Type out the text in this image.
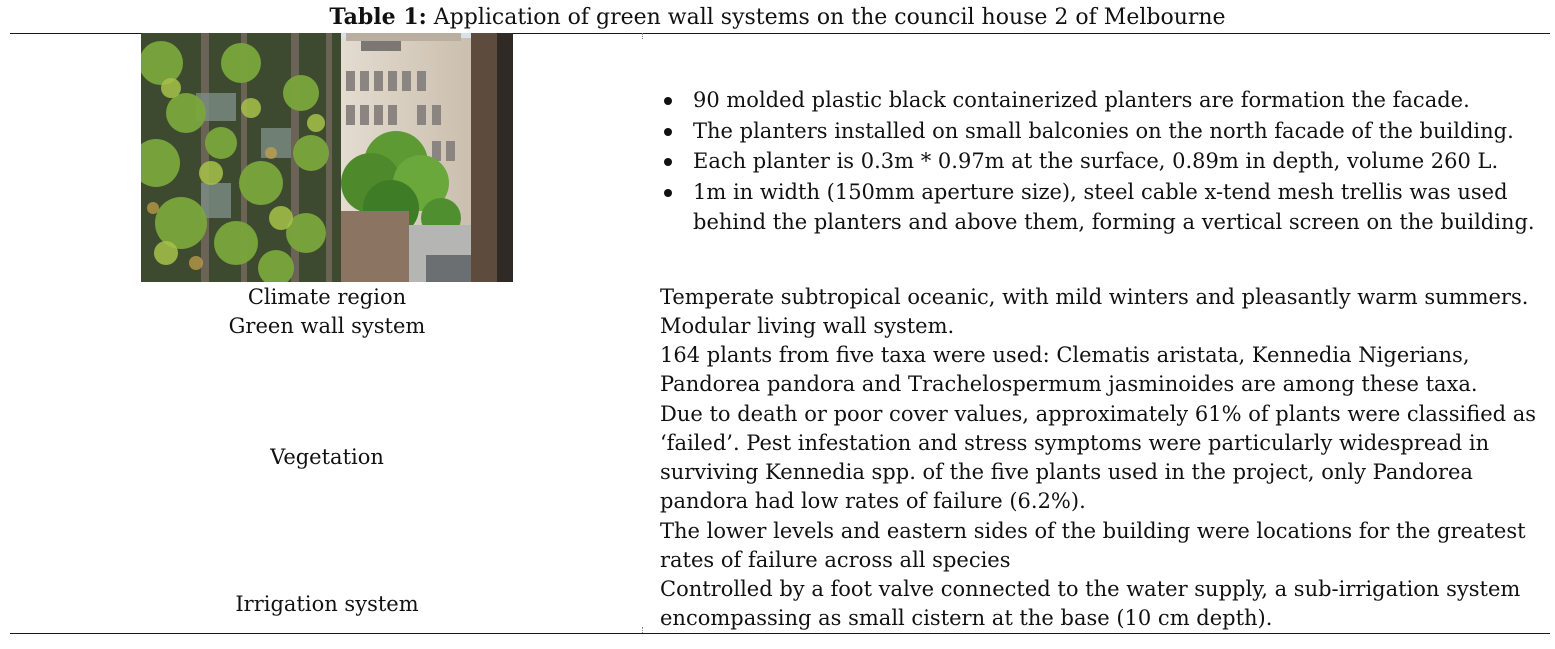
Table 1: Application of green wall systems on the council house 2 of Melbourne
90 molded plastic black containerized planters are formation the facade.
The planters installed on small balconies on the north facade of the building.
Each planter is 0.3m * 0.97m at the surface, 0.89m in depth, volume 260 L.
1m in width (150mm aperture size), steel cable x-tend mesh trellis was used behind the planters and above them, forming a vertical screen on the building.
Climate region	Temperate subtropical oceanic, with mild winters and pleasantly warm summers.
Green wall system	Modular living wall system.
Vegetation

164 plants from five taxa were used: Clematis aristata, Kennedia Nigerians, Pandorea pandora and Trachelospermum jasminoides are among these taxa.

Due to death or poor cover values, approximately 61% of plants were classified as ‘failed’. Pest infestation and stress symptoms were particularly widespread in surviving Kennedia spp. of the five plants used in the project, only Pandorea pandora had low rates of failure (6.2%).

The lower levels and eastern sides of the building were locations for the greatest rates of failure across all species

Irrigation system
Controlled by a foot valve connected to the water supply, a sub-irrigation system encompassing as small cistern at the base (10 cm depth).
